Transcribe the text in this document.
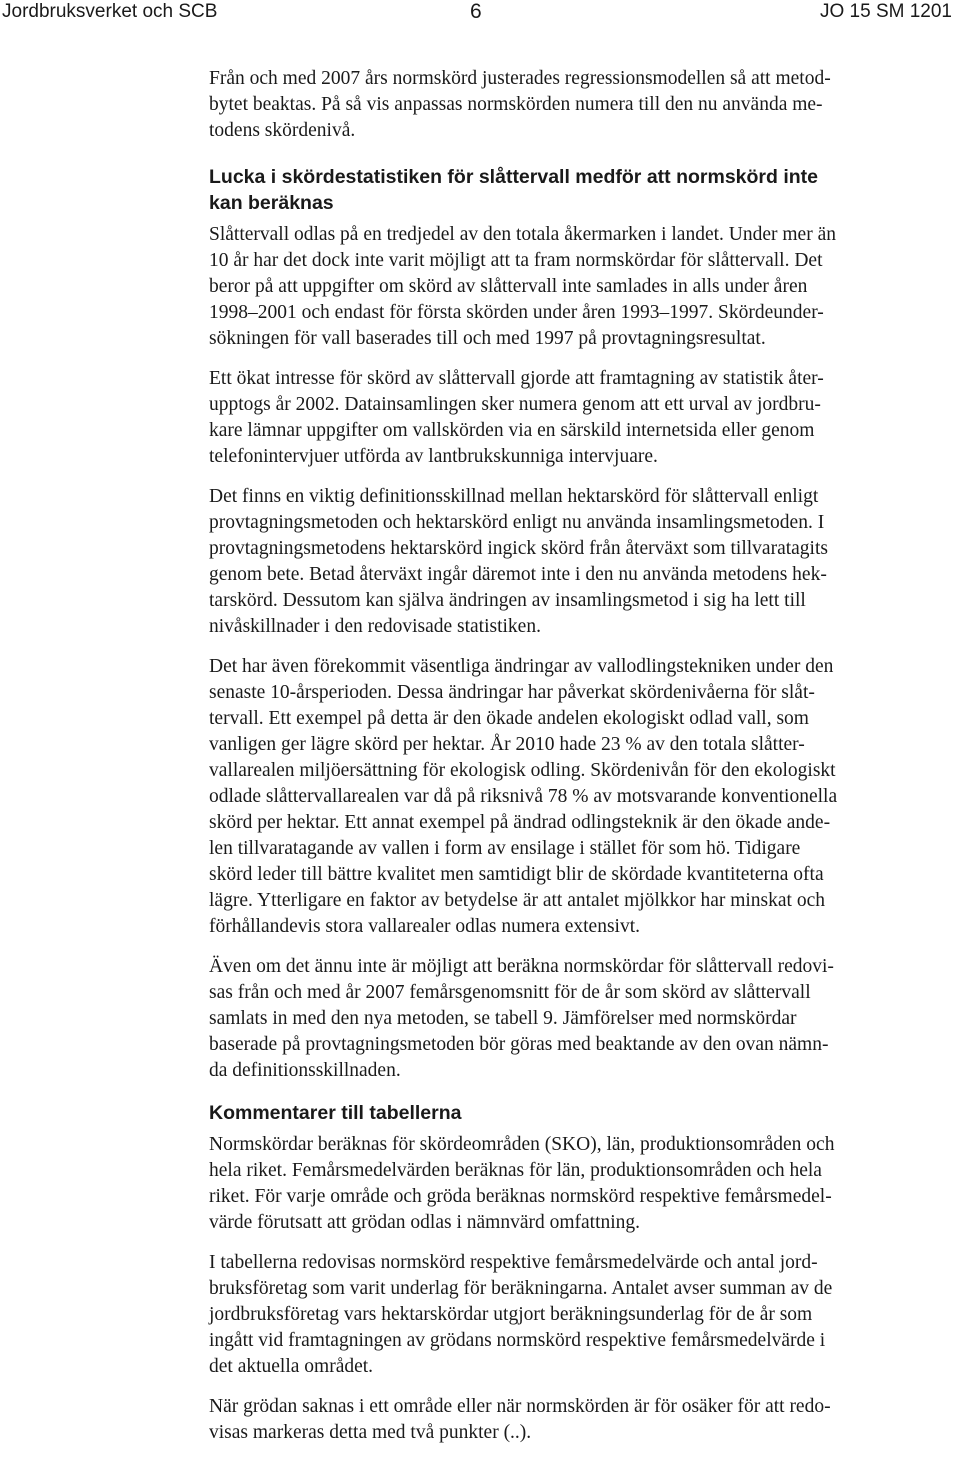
Jordbruksverket och SCB	6	JO 15 SM 1201

Från och med 2007 års normskörd justerades regressionsmodellen så att metod-
bytet beaktas. På så vis anpassas normskörden numera till den nu använda me-
todens skördenivå.

Lucka i skördestatistiken för slåttervall medför att normskörd inte
kan beräknas

Slåttervall odlas på en tredjedel av den totala åkermarken i landet. Under mer än
10 år har det dock inte varit möjligt att ta fram normskördar för slåttervall. Det
beror på att uppgifter om skörd av slåttervall inte samlades in alls under åren
1998–2001 och endast för första skörden under åren 1993–1997. Skördeunder-
sökningen för vall baserades till och med 1997 på provtagningsresultat.

Ett ökat intresse för skörd av slåttervall gjorde att framtagning av statistik åter-
upptogs år 2002. Datainsamlingen sker numera genom att ett urval av jordbru-
kare lämnar uppgifter om vallskörden via en särskild internetsida eller genom
telefonintervjuer utförda av lantbrukskunniga intervjuare.

Det finns en viktig definitionsskillnad mellan hektarskörd för slåttervall enligt
provtagningsmetoden och hektarskörd enligt nu använda insamlingsmetoden. I
provtagningsmetodens hektarskörd ingick skörd från återväxt som tillvaratagits
genom bete. Betad återväxt ingår däremot inte i den nu använda metodens hek-
tarskörd. Dessutom kan själva ändringen av insamlingsmetod i sig ha lett till
nivåskillnader i den redovisade statistiken.

Det har även förekommit väsentliga ändringar av vallodlingstekniken under den
senaste 10-årsperioden. Dessa ändringar har påverkat skördenivåerna för slåt-
tervall. Ett exempel på detta är den ökade andelen ekologiskt odlad vall, som
vanligen ger lägre skörd per hektar. År 2010 hade 23 % av den totala slåtter-
vallarealen miljöersättning för ekologisk odling. Skördenivån för den ekologiskt
odlade slåttervallarealen var då på riksnivå 78 % av motsvarande konventionella
skörd per hektar. Ett annat exempel på ändrad odlingsteknik är den ökade ande-
len tillvaratagande av vallen i form av ensilage i stället för som hö. Tidigare
skörd leder till bättre kvalitet men samtidigt blir de skördade kvantiteterna ofta
lägre. Ytterligare en faktor av betydelse är att antalet mjölkkor har minskat och
förhållandevis stora vallarealer odlas numera extensivt.

Även om det ännu inte är möjligt att beräkna normskördar för slåttervall redovi-
sas från och med år 2007 femårsgenomsnitt för de år som skörd av slåttervall
samlats in med den nya metoden, se tabell 9. Jämförelser med normskördar
baserade på provtagningsmetoden bör göras med beaktande av den ovan nämn-
da definitionsskillnaden.

Kommentarer till tabellerna

Normskördar beräknas för skördeområden (SKO), län, produktionsområden och
hela riket. Femårsmedelvärden beräknas för län, produktionsområden och hela
riket. För varje område och gröda beräknas normskörd respektive femårsmedel-
värde förutsatt att grödan odlas i nämnvärd omfattning.

I tabellerna redovisas normskörd respektive femårsmedelvärde och antal jord-
bruksföretag som varit underlag för beräkningarna. Antalet avser summan av de
jordbruksföretag vars hektarskördar utgjort beräkningsunderlag för de år som
ingått vid framtagningen av grödans normskörd respektive femårsmedelvärde i
det aktuella området.

När grödan saknas i ett område eller när normskörden är för osäker för att redo-
visas markeras detta med två punkter (..).
